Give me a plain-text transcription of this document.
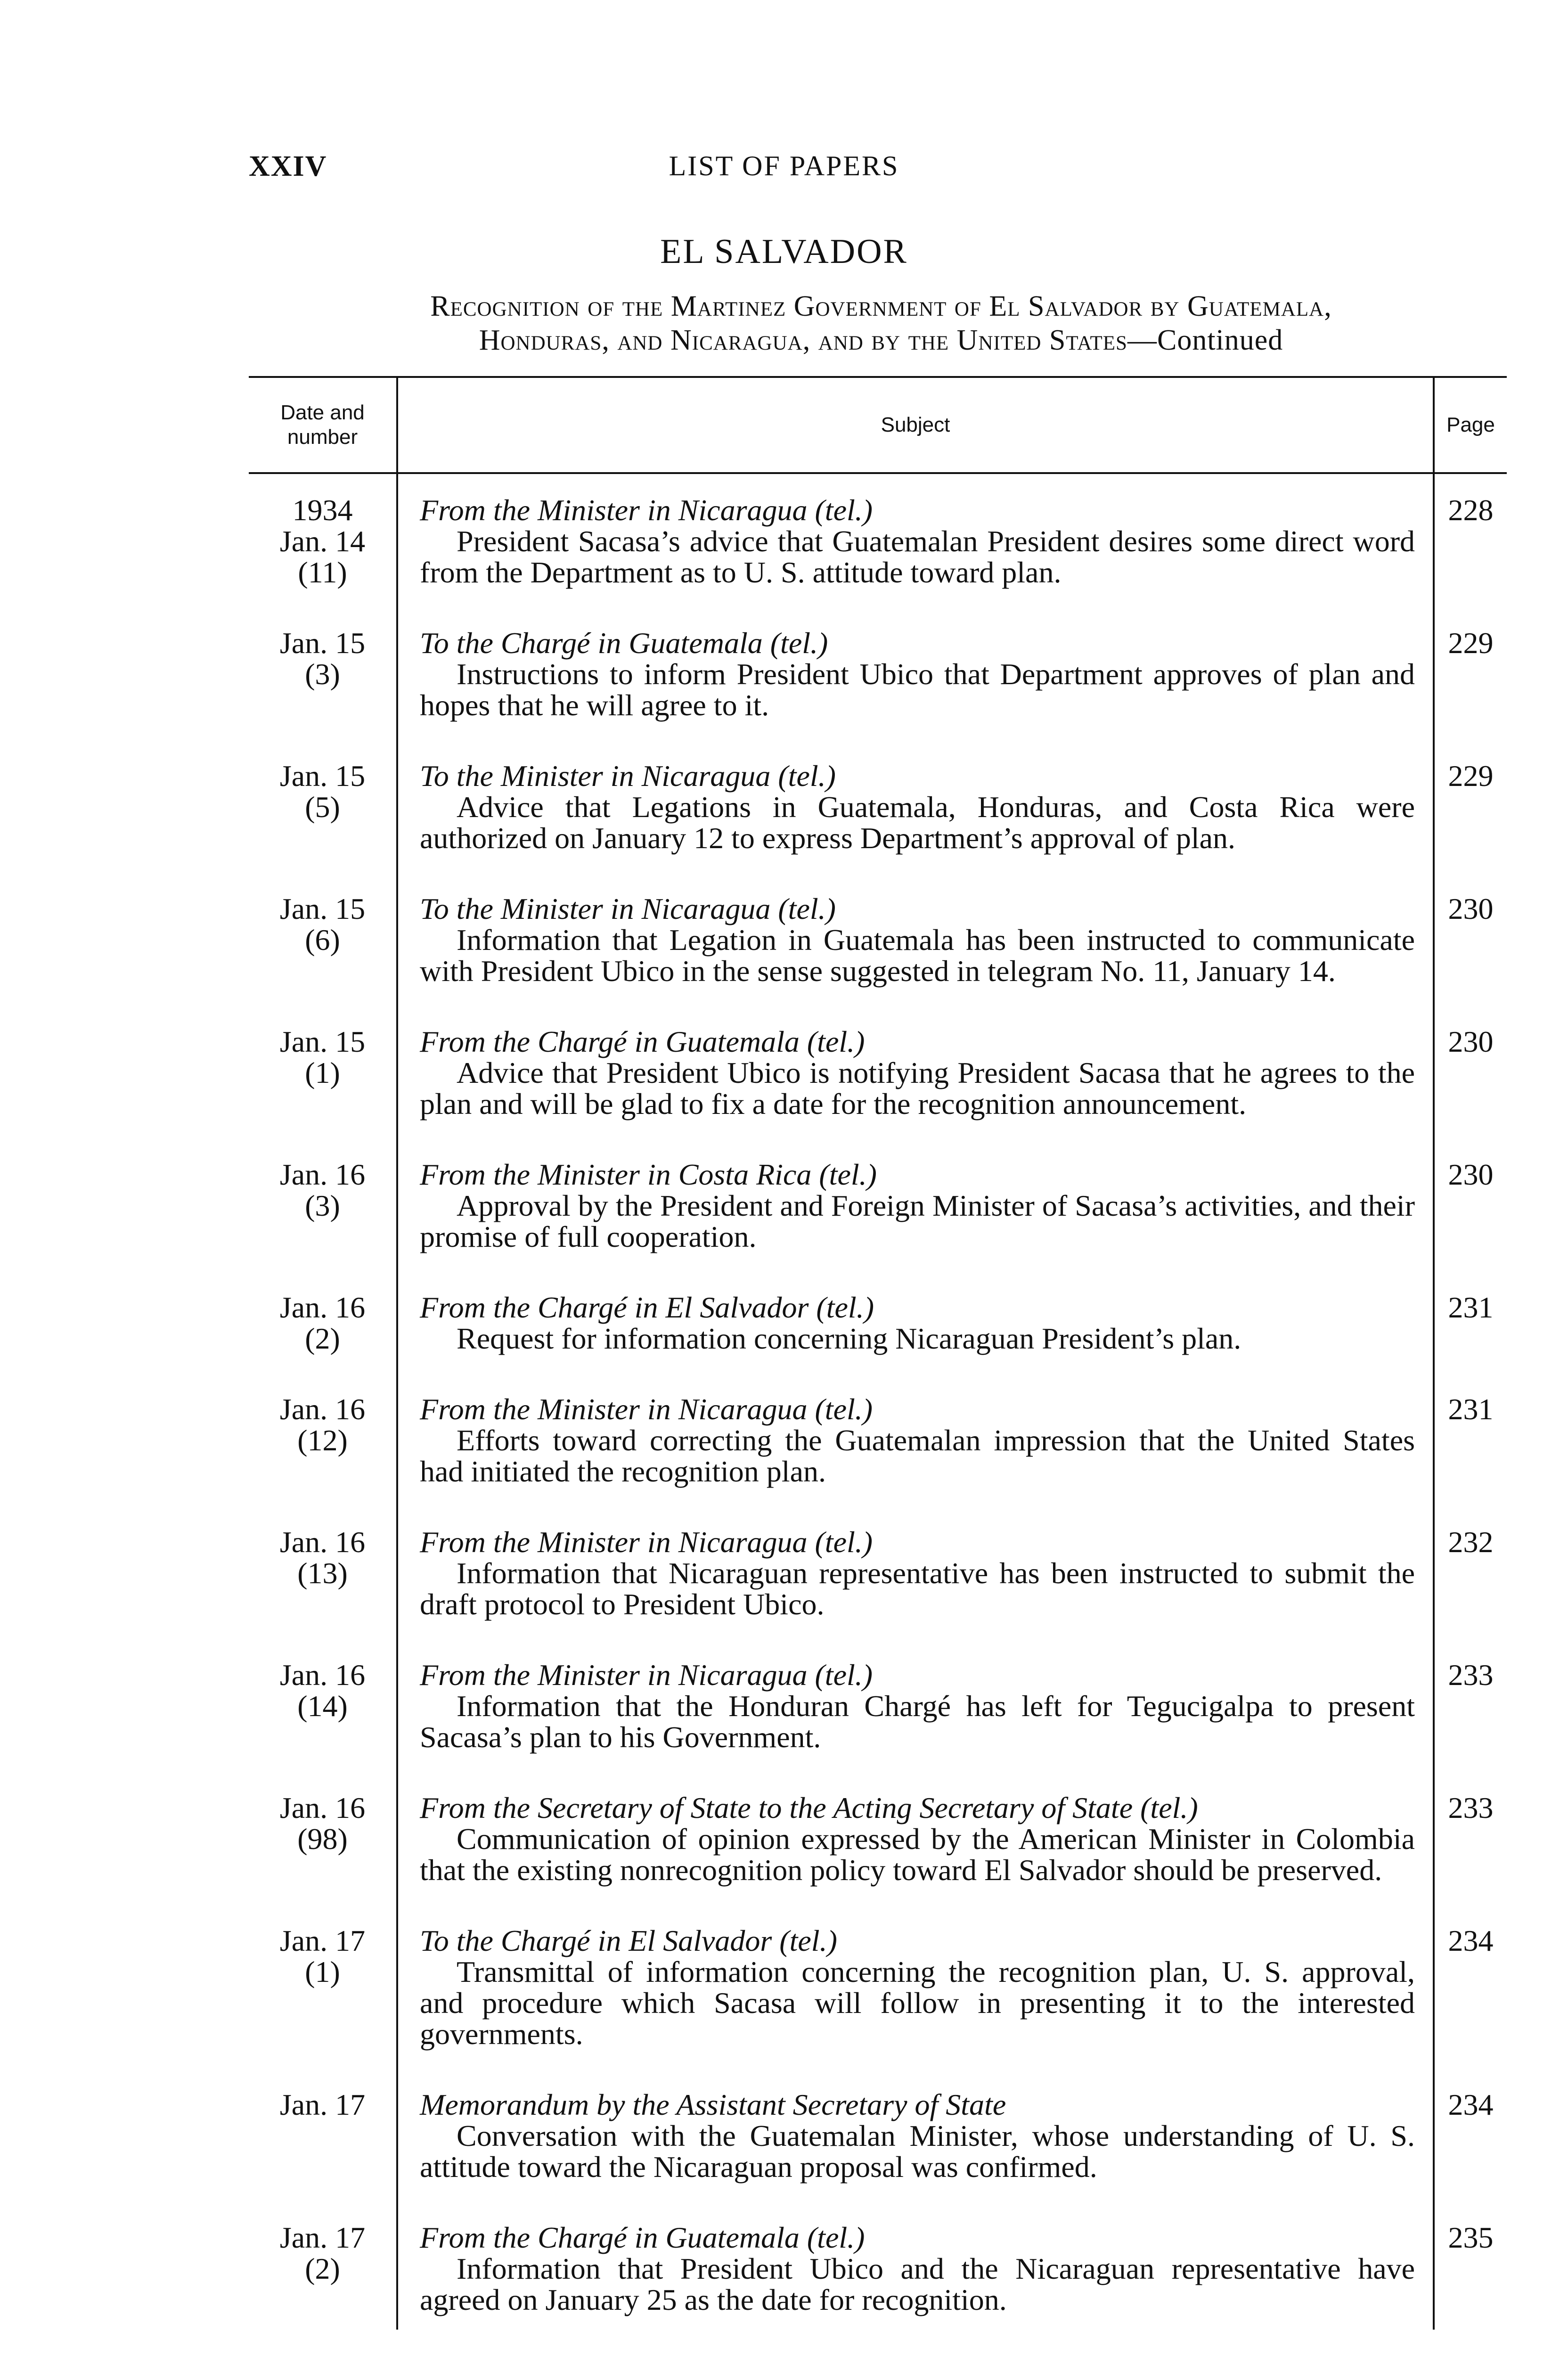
XXIV	LIST OF PAPERS
EL SALVADOR
Recognition of the Martinez Government of El Salvador by Guatemala,
Honduras, and Nicaragua, and by the United States—Continued
Date and
number	Subject	Page

1934
Jan. 14
(11)	From the Minister in Nicaragua (tel.)
President Sacasa’s advice that Guatemalan President desires some direct word from the Department as to U. S. attitude toward plan.	228

Jan. 15
(3)	To the Chargé in Guatemala (tel.)
Instructions to inform President Ubico that Department approves of plan and hopes that he will agree to it.	229

Jan. 15
(5)	To the Minister in Nicaragua (tel.)
Advice that Legations in Guatemala, Honduras, and Costa Rica were authorized on January 12 to express Department’s approval of plan.	229

Jan. 15
(6)	To the Minister in Nicaragua (tel.)
Information that Legation in Guatemala has been instructed to communicate with President Ubico in the sense suggested in telegram No. 11, January 14.	230

Jan. 15
(1)	From the Chargé in Guatemala (tel.)
Advice that President Ubico is notifying President Sacasa that he agrees to the plan and will be glad to fix a date for the recognition announcement.	230

Jan. 16
(3)	From the Minister in Costa Rica (tel.)
Approval by the President and Foreign Minister of Sacasa’s activities, and their promise of full cooperation.	230

Jan. 16
(2)	From the Chargé in El Salvador (tel.)
Request for information concerning Nicaraguan President’s plan.	231

Jan. 16
(12)	From the Minister in Nicaragua (tel.)
Efforts toward correcting the Guatemalan impression that the United States had initiated the recognition plan.	231

Jan. 16
(13)	From the Minister in Nicaragua (tel.)
Information that Nicaraguan representative has been instructed to submit the draft protocol to President Ubico.	232

Jan. 16
(14)	From the Minister in Nicaragua (tel.)
Information that the Honduran Chargé has left for Tegucigalpa to present Sacasa’s plan to his Government.	233

Jan. 16
(98)	From the Secretary of State to the Acting Secretary of State (tel.)
Communication of opinion expressed by the American Minister in Colombia that the existing nonrecognition policy toward El Salvador should be preserved.	233

Jan. 17
(1)	To the Chargé in El Salvador (tel.)
Transmittal of information concerning the recognition plan, U. S. approval, and procedure which Sacasa will follow in presenting it to the interested governments.	234

Jan. 17	Memorandum by the Assistant Secretary of State
Conversation with the Guatemalan Minister, whose understanding of U. S. attitude toward the Nicaraguan proposal was confirmed.	234

Jan. 17
(2)	From the Chargé in Guatemala (tel.)
Information that President Ubico and the Nicaraguan representative have agreed on January 25 as the date for recognition.	235
